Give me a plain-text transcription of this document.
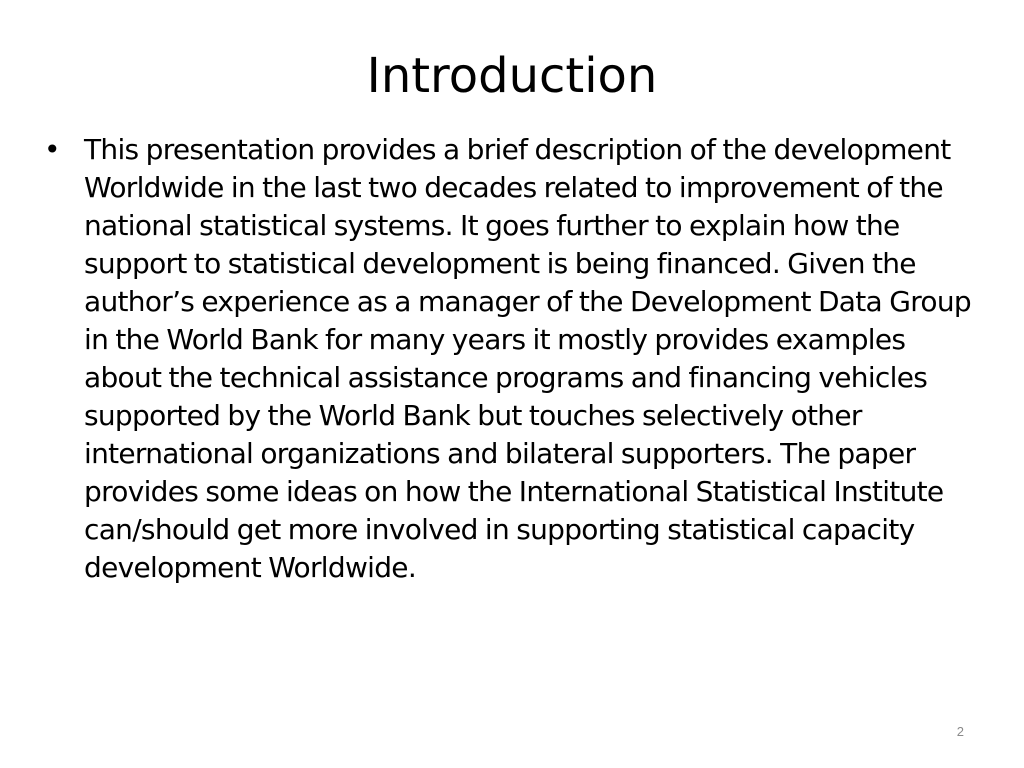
Introduction
• This presentation provides a brief description of the development Worldwide in the last two decades related to improvement of the national statistical systems. It goes further to explain how the support to statistical development is being financed. Given the author’s experience as a manager of the Development Data Group in the World Bank for many years it mostly provides examples about the technical assistance programs and financing vehicles supported by the World Bank but touches selectively other international organizations and bilateral supporters. The paper provides some ideas on how the International Statistical Institute can/should get more involved in supporting statistical capacity development Worldwide.
2
